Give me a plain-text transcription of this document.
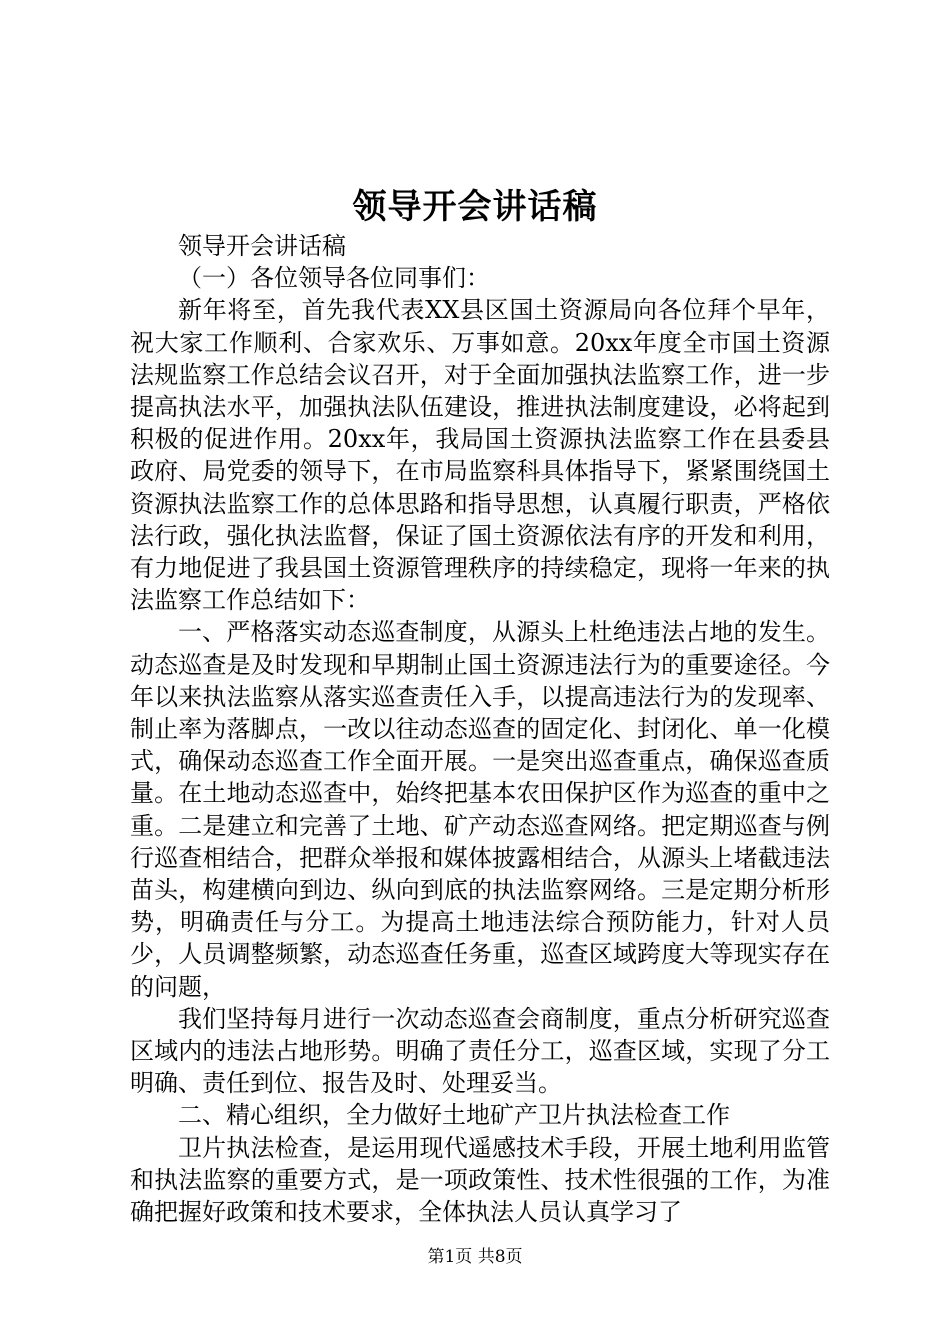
领导开会讲话稿

领导开会讲话稿

（一）各位领导各位同事们：

新年将至，首先我代表XX县区国土资源局向各位拜个早年，祝大家工作顺利、合家欢乐、万事如意。20xx年度全市国土资源法规监察工作总结会议召开，对于全面加强执法监察工作，进一步提高执法水平，加强执法队伍建设，推进执法制度建设，必将起到积极的促进作用。20xx年，我局国土资源执法监察工作在县委县政府、局党委的领导下，在市局监察科具体指导下，紧紧围绕国土资源执法监察工作的总体思路和指导思想，认真履行职责，严格依法行政，强化执法监督，保证了国土资源依法有序的开发和利用，有力地促进了我县国土资源管理秩序的持续稳定，现将一年来的执法监察工作总结如下：

一、严格落实动态巡查制度，从源头上杜绝违法占地的发生。动态巡查是及时发现和早期制止国土资源违法行为的重要途径。今年以来执法监察从落实巡查责任入手，以提高违法行为的发现率、制止率为落脚点，一改以往动态巡查的固定化、封闭化、单一化模式，确保动态巡查工作全面开展。一是突出巡查重点，确保巡查质量。在土地动态巡查中，始终把基本农田保护区作为巡查的重中之重。二是建立和完善了土地、矿产动态巡查网络。把定期巡查与例行巡查相结合，把群众举报和媒体披露相结合，从源头上堵截违法苗头，构建横向到边、纵向到底的执法监察网络。三是定期分析形势，明确责任与分工。为提高土地违法综合预防能力，针对人员少，人员调整频繁，动态巡查任务重，巡查区域跨度大等现实存在的问题，

我们坚持每月进行一次动态巡查会商制度，重点分析研究巡查区域内的违法占地形势。明确了责任分工，巡查区域，实现了分工明确、责任到位、报告及时、处理妥当。

二、精心组织，全力做好土地矿产卫片执法检查工作

卫片执法检查，是运用现代遥感技术手段，开展土地利用监管和执法监察的重要方式，是一项政策性、技术性很强的工作，为准确把握好政策和技术要求，全体执法人员认真学习了

第1页 共8页
